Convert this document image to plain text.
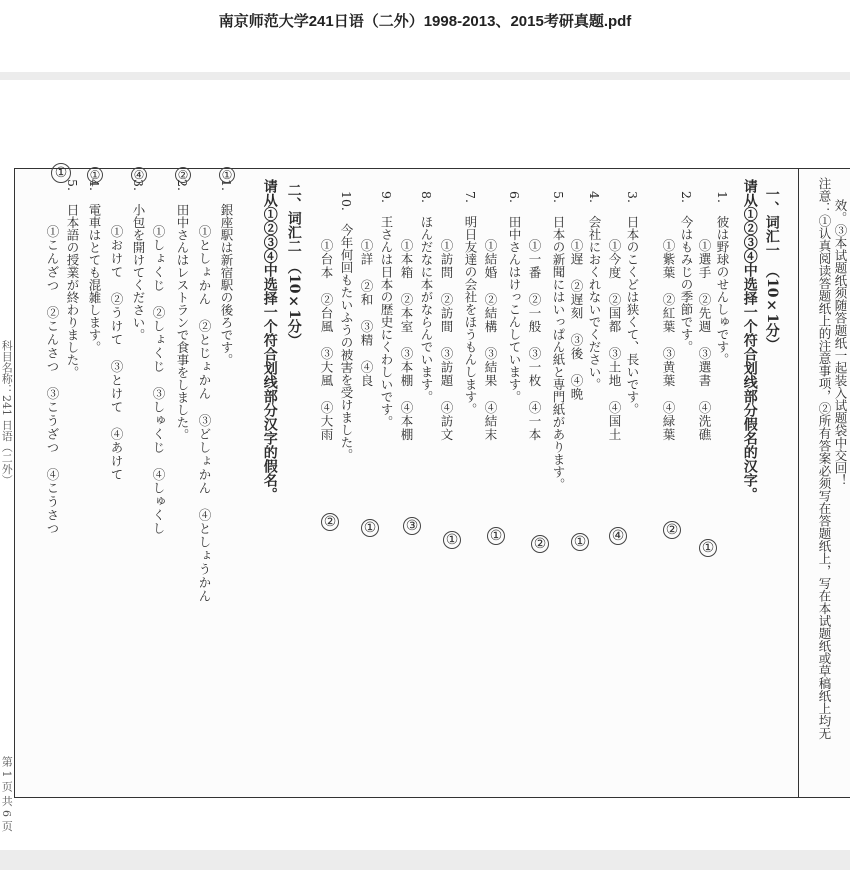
南京师范大学241日语（二外）1998-2013、2015考研真题.pdf
注意：①认真阅读答题纸上的注意事项，②所有答案必须写在答题纸上，写在本试题纸或草稿纸上均无 效。③本试题纸须随答题纸一起装入试题袋中交回！
一、词汇一　（10×1分）
请从①②③④中选择一个符合划线部分假名的汉字。
1.　彼は野球のせんしゅです。
①選手　②先週　③選書　④洗礁
2.　今はもみじの季節です。
①紫葉　②紅葉　③黄葉　④緑葉
3.　日本のこくどは狭くて、長いです。
①今度　②国都　③土地　④国土
4.　会社におくれないでください。
①遅　②遅刻　③後　④晩
5.　日本の新聞にはいっぱん紙と専門紙があります。
①一番　②一般　③一枚　④一本
6.　田中さんはけっこんしています。
①結婚　②結構　③結果　④結末
7.　明日友達の会社をほうもんします。
①訪問　②訪間　③訪題　④訪文
8.　ほんだなに本がならんでいます。
①本箱　②本室　③本棚　④本棚
9.　王さんは日本の歴史にくわしいです。
①詳　②和　③精　④良
10.　今年何回もたいふうの被害を受けました。
①台本　②台風　③大風　④大雨
①
②
④
①
②
①
①
③
①
②
二、词汇二　（10×1分）
请从①②③④中选择一个符合划线部分汉字的假名。
1.　銀座駅は新宿駅の後ろです。
①としょかん　②とじょかん　③どしょかん　④としょうかん
2.　田中さんはレストランで食事をしました。
①しょくじ　②しょくじ　③しゅくじ　④しゅくし
3.　小包を開けてください。
①おけて　②うけて　③とけて　④あけて
4.　電車はとても混雑します。
5.　日本語の授業が終わりました。
①こんざつ　②こんさつ　③こうざつ　④こうさつ
①
②
④
①
①
科目名称：241 日语（二外）
第 1 页 共 6 页
